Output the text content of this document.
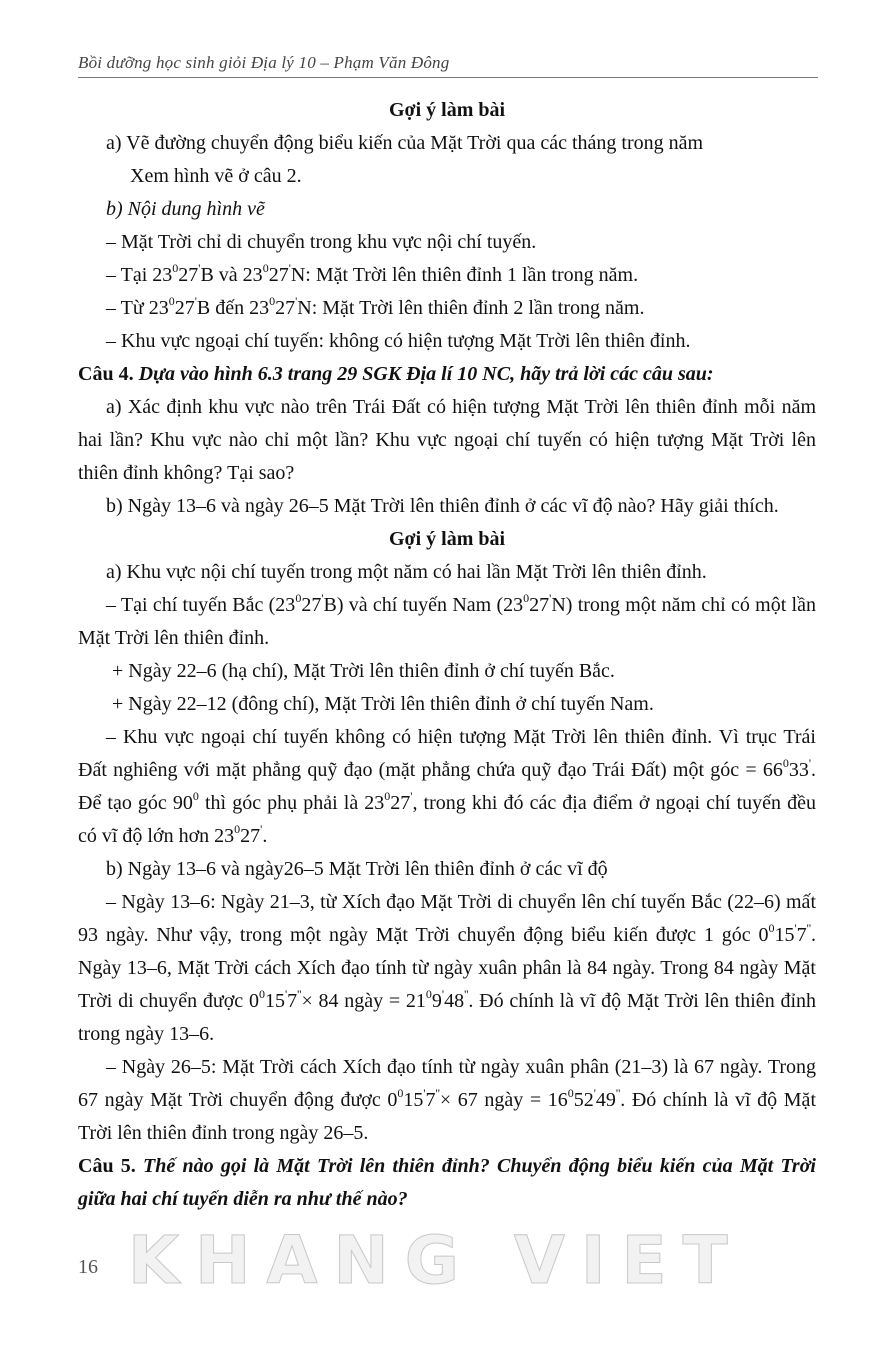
Bồi dưỡng học sinh giỏi Địa lý 10 – Phạm Văn Đông

Gợi ý làm bài

a) Vẽ đường chuyển động biểu kiến của Mặt Trời qua các tháng trong năm

Xem hình vẽ ở câu 2.

b) Nội dung hình vẽ

– Mặt Trời chỉ di chuyển trong khu vực nội chí tuyến.

– Tại $23^027'B$ và $23^027'N$: Mặt Trời lên thiên đỉnh 1 lần trong năm.

– Từ $23^027'B$ đến $23^027'N$: Mặt Trời lên thiên đỉnh 2 lần trong năm.

– Khu vực ngoại chí tuyến: không có hiện tượng Mặt Trời lên thiên đỉnh.

Câu 4. Dựa vào hình 6.3 trang 29 SGK Địa lí 10 NC, hãy trả lời các câu sau:

a) Xác định khu vực nào trên Trái Đất có hiện tượng Mặt Trời lên thiên đỉnh mỗi năm hai lần? Khu vực nào chỉ một lần? Khu vực ngoại chí tuyến có hiện tượng Mặt Trời lên thiên đỉnh không? Tại sao?

b) Ngày 13–6 và ngày 26–5 Mặt Trời lên thiên đỉnh ở các vĩ độ nào? Hãy giải thích.

Gợi ý làm bài

a) Khu vực nội chí tuyến trong một năm có hai lần Mặt Trời lên thiên đỉnh.

– Tại chí tuyến Bắc $(23^027'B)$ và chí tuyến Nam $(23^027'N)$ trong một năm chỉ có một lần Mặt Trời lên thiên đỉnh.

+ Ngày 22–6 (hạ chí), Mặt Trời lên thiên đỉnh ở chí tuyến Bắc.

+ Ngày 22–12 (đông chí), Mặt Trời lên thiên đỉnh ở chí tuyến Nam.

– Khu vực ngoại chí tuyến không có hiện tượng Mặt Trời lên thiên đỉnh. Vì trục Trái Đất nghiêng với mặt phẳng quỹ đạo (mặt phẳng chứa quỹ đạo Trái Đất) một góc = $66^033'$. Để tạo góc $90^0$ thì góc phụ phải là $23^027'$, trong khi đó các địa điểm ở ngoại chí tuyến đều có vĩ độ lớn hơn $23^027'$.

b) Ngày 13–6 và ngày26–5 Mặt Trời lên thiên đỉnh ở các vĩ độ

– Ngày 13–6: Ngày 21–3, từ Xích đạo Mặt Trời di chuyển lên chí tuyến Bắc (22–6) mất 93 ngày. Như vậy, trong một ngày Mặt Trời chuyển động biểu kiến được 1 góc $0^015'7''$. Ngày 13–6, Mặt Trời cách Xích đạo tính từ ngày xuân phân là 84 ngày. Trong 84 ngày Mặt Trời di chuyển được $0^015'7''\times 84$ ngày = $21^09'48''$. Đó chính là vĩ độ Mặt Trời lên thiên đỉnh trong ngày 13–6.

– Ngày 26–5: Mặt Trời cách Xích đạo tính từ ngày xuân phân (21–3) là 67 ngày. Trong 67 ngày Mặt Trời chuyển động được $0^015'7''\times 67$ ngày = $16^052'49''$. Đó chính là vĩ độ Mặt Trời lên thiên đỉnh trong ngày 26–5.

Câu 5. Thế nào gọi là Mặt Trời lên thiên đỉnh? Chuyển động biểu kiến của Mặt Trời giữa hai chí tuyến diễn ra như thế nào?

KHANG VIET
16
